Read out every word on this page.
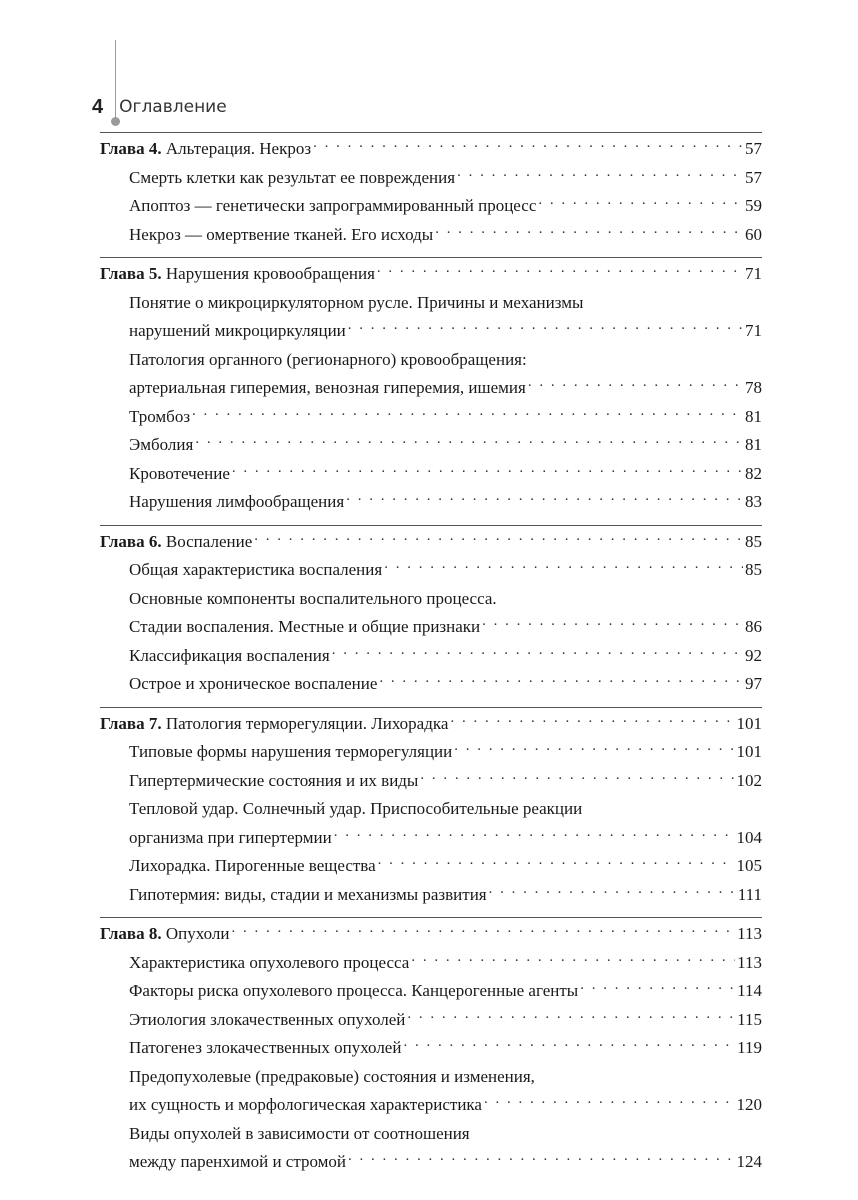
4 Оглавление
Глава 4. Альтерация. Некроз . . .	57
Смерть клетки как результат ее повреждения . . .	57
Апоптоз — генетически запрограммированный процесс . . .	59
Некроз — омертвение тканей. Его исходы . . .	60
Глава 5. Нарушения кровообращения . . .	71
Понятие о микроциркуляторном русле. Причины и механизмы
нарушений микроциркуляции . . .	71
Патология органного (регионарного) кровообращения:
артериальная гиперемия, венозная гиперемия, ишемия . . .	78
Тромбоз . . .	81
Эмболия . . .	81
Кровотечение . . .	82
Нарушения лимфообращения . . .	83
Глава 6. Воспаление . . .	85
Общая характеристика воспаления . . .	85
Основные компоненты воспалительного процесса.
Стадии воспаления. Местные и общие признаки . . .	86
Классификация воспаления . . .	92
Острое и хроническое воспаление . . .	97
Глава 7. Патология терморегуляции. Лихорадка . . .	101
Типовые формы нарушения терморегуляции . . .	101
Гипертермические состояния и их виды . . .	102
Тепловой удар. Солнечный удар. Приспособительные реакции
организма при гипертермии . . .	104
Лихорадка. Пирогенные вещества . . .	105
Гипотермия: виды, стадии и механизмы развития . . .	111
Глава 8. Опухоли . . .	113
Характеристика опухолевого процесса . . .	113
Факторы риска опухолевого процесса. Канцерогенные агенты . . .	114
Этиология злокачественных опухолей . . .	115
Патогенез злокачественных опухолей . . .	119
Предопухолевые (предраковые) состояния и изменения,
их сущность и морфологическая характеристика . . .	120
Виды опухолей в зависимости от соотношения
между паренхимой и стромой . . .	124
